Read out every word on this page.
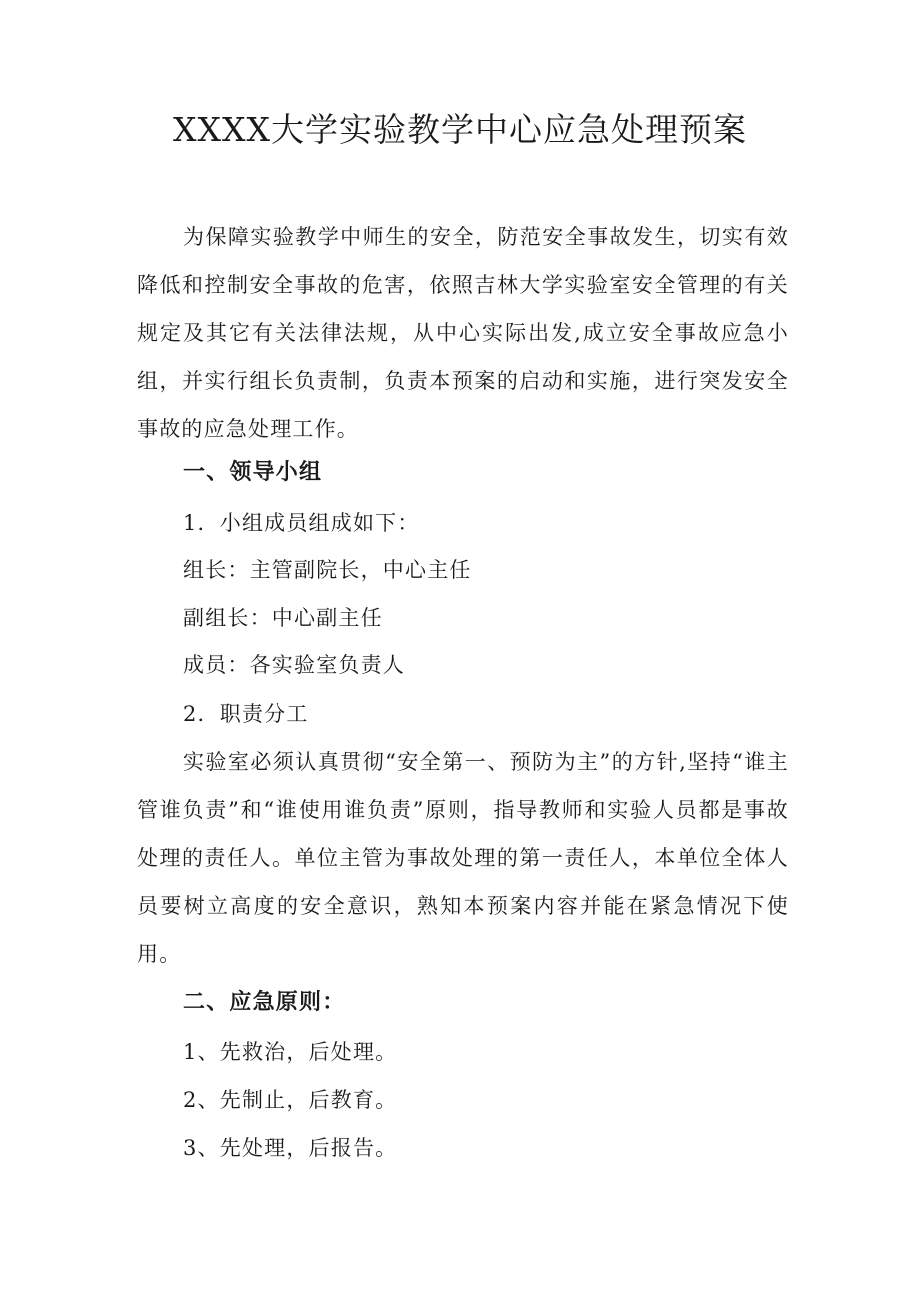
XXXX大学实验教学中心应急处理预案

为保障实验教学中师生的安全，防范安全事故发生，切实有效降低和控制安全事故的危害，依照吉林大学实验室安全管理的有关规定及其它有关法律法规，从中心实际出发,成立安全事故应急小组，并实行组长负责制，负责本预案的启动和实施，进行突发安全事故的应急处理工作。

一、领导小组

1．小组成员组成如下：

组长：主管副院长，中心主任

副组长：中心副主任

成员：各实验室负责人

2．职责分工

实验室必须认真贯彻“安全第一、预防为主”的方针,坚持“谁主管谁负责”和“谁使用谁负责”原则，指导教师和实验人员都是事故处理的责任人。单位主管为事故处理的第一责任人，本单位全体人员要树立高度的安全意识，熟知本预案内容并能在紧急情况下使用。

二、应急原则：

1、先救治，后处理。

2、先制止，后教育。

3、先处理，后报告。
